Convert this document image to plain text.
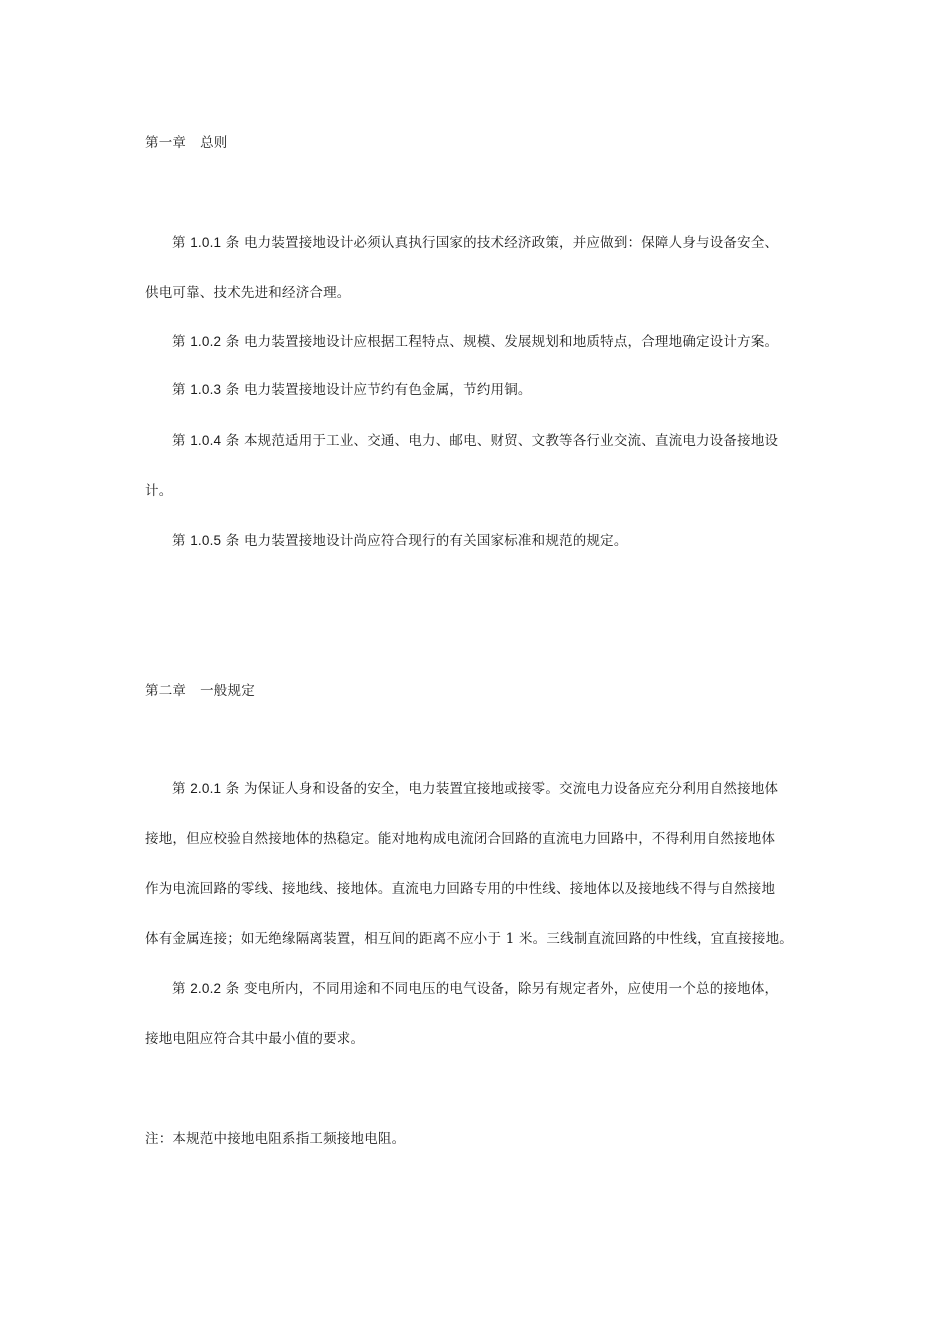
第一章 总则
第 1.0.1 条 电力装置接地设计必须认真执行国家的技术经济政策，并应做到：保障人身与设备安全、
供电可靠、技术先进和经济合理。
第 1.0.2 条 电力装置接地设计应根据工程特点、规模、发展规划和地质特点，合理地确定设计方案。
第 1.0.3 条 电力装置接地设计应节约有色金属，节约用铜。
第 1.0.4 条 本规范适用于工业、交通、电力、邮电、财贸、文教等各行业交流、直流电力设备接地设
计。
第 1.0.5 条 电力装置接地设计尚应符合现行的有关国家标准和规范的规定。
第二章 一般规定
第 2.0.1 条 为保证人身和设备的安全，电力装置宜接地或接零。交流电力设备应充分利用自然接地体
接地，但应校验自然接地体的热稳定。能对地构成电流闭合回路的直流电力回路中，不得利用自然接地体
作为电流回路的零线、接地线、接地体。直流电力回路专用的中性线、接地体以及接地线不得与自然接地
体有金属连接；如无绝缘隔离装置，相互间的距离不应小于 1 米。三线制直流回路的中性线，宜直接接地。
第 2.0.2 条 变电所内，不同用途和不同电压的电气设备，除另有规定者外，应使用一个总的接地体，
接地电阻应符合其中最小值的要求。
注：本规范中接地电阻系指工频接地电阻。
